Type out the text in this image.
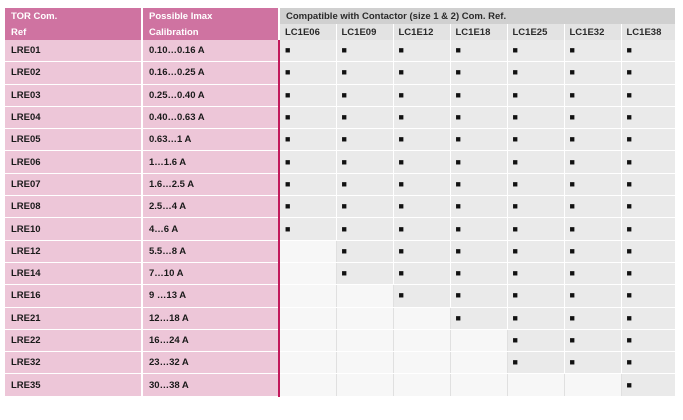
TOR Com.	Possible Imax	Compatible with Contactor (size 1 & 2) Com. Ref.						
Ref	Calibration	LC1E06	LC1E09	LC1E12	LC1E18	LC1E25	LC1E32	LC1E38
LRE01	0.10…0.16 A	■	■	■	■	■	■	■
LRE02	0.16…0.25 A	■	■	■	■	■	■	■
LRE03	0.25…0.40 A	■	■	■	■	■	■	■
LRE04	0.40…0.63 A	■	■	■	■	■	■	■
LRE05	0.63…1 A	■	■	■	■	■	■	■
LRE06	1…1.6 A	■	■	■	■	■	■	■
LRE07	1.6…2.5 A	■	■	■	■	■	■	■
LRE08	2.5…4 A	■	■	■	■	■	■	■
LRE10	4…6 A	■	■	■	■	■	■	■
LRE12	5.5…8 A		■	■	■	■	■	■
LRE14	7…10 A		■	■	■	■	■	■
LRE16	9 …13 A			■	■	■	■	■
LRE21	12…18 A				■	■	■	■
LRE22	16…24 A					■	■	■
LRE32	23…32 A					■	■	■
LRE35	30…38 A							■
